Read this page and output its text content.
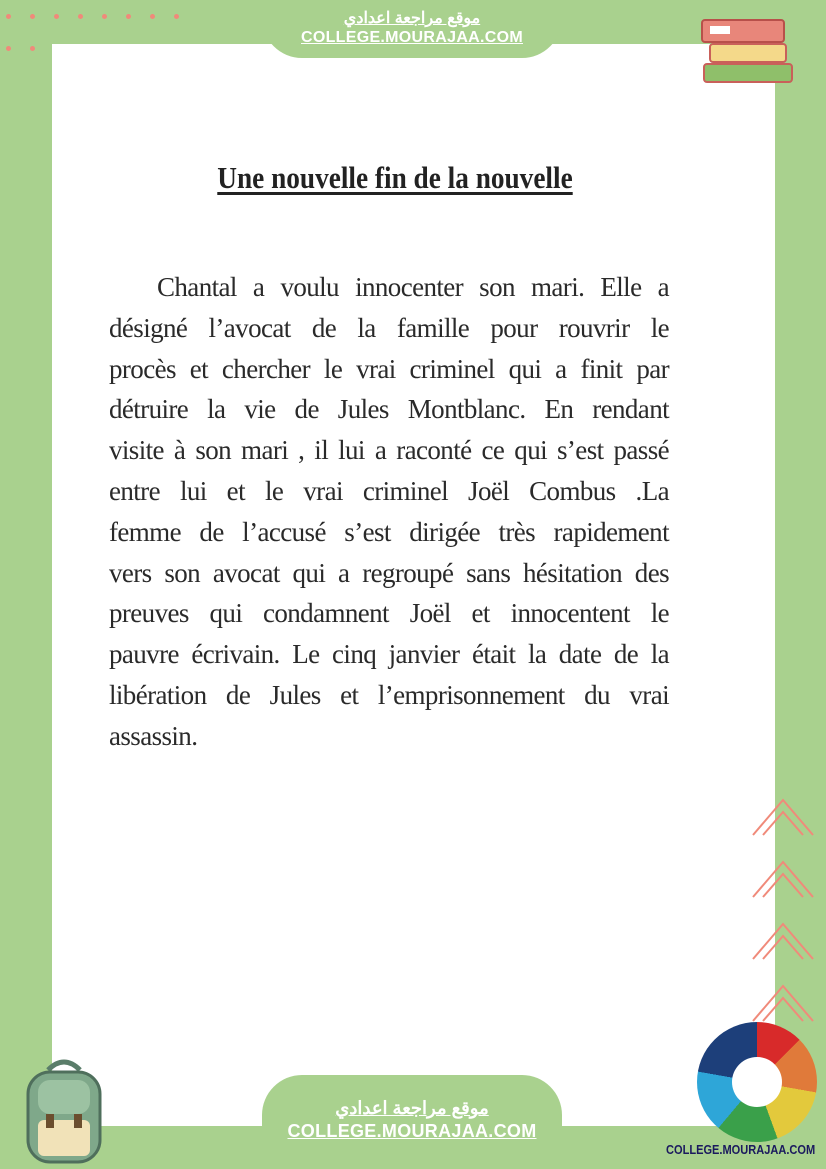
موقع مراجعة اعدادي
COLLEGE.MOURAJAA.COM
Une nouvelle fin de la nouvelle
Chantal a voulu innocenter son mari. Elle a
désigné l’avocat de la famille pour rouvrir le
procès et chercher le vrai criminel qui a finit par
détruire la vie de Jules Montblanc. En rendant
visite à son mari , il lui a raconté ce qui s’est passé
entre lui et le vrai criminel Joël Combus .La
femme de l’accusé s’est dirigée très rapidement
vers son avocat qui a regroupé sans hésitation des
preuves qui condamnent Joël et innocentent le
pauvre écrivain. Le cinq janvier était la date de la
libération de Jules et l’emprisonnement du vrai
assassin.
موقع مراجعة اعدادي
COLLEGE.MOURAJAA.COM
COLLEGE.MOURAJAA.COM
